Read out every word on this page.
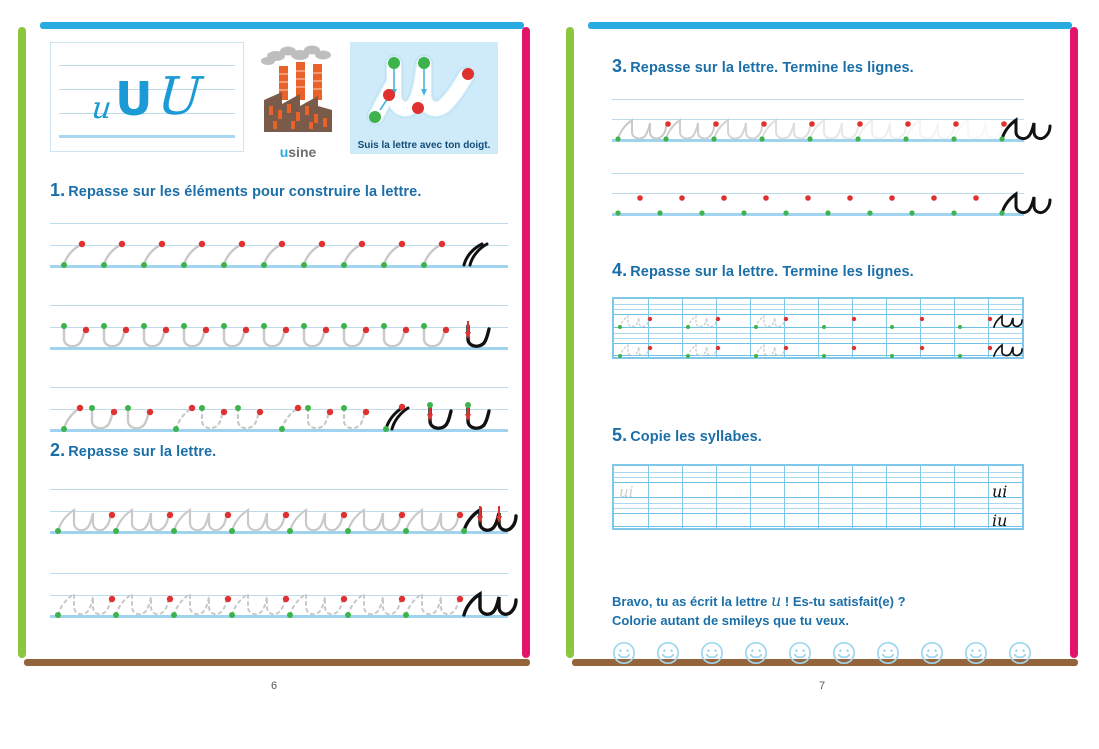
6
u U U
usine	Suis la lettre avec ton doigt.
1. Repasse sur les éléments pour construire la lettre.
2. Repasse sur la lettre.
7
3. Repasse sur la lettre. Termine les lignes.
4. Repasse sur la lettre. Termine les lignes.
5. Copie les syllabes.
ui	ui
iu
Bravo, tu as écrit la lettre u ! Es-tu satisfait(e) ?
Colorie autant de smileys que tu veux.
